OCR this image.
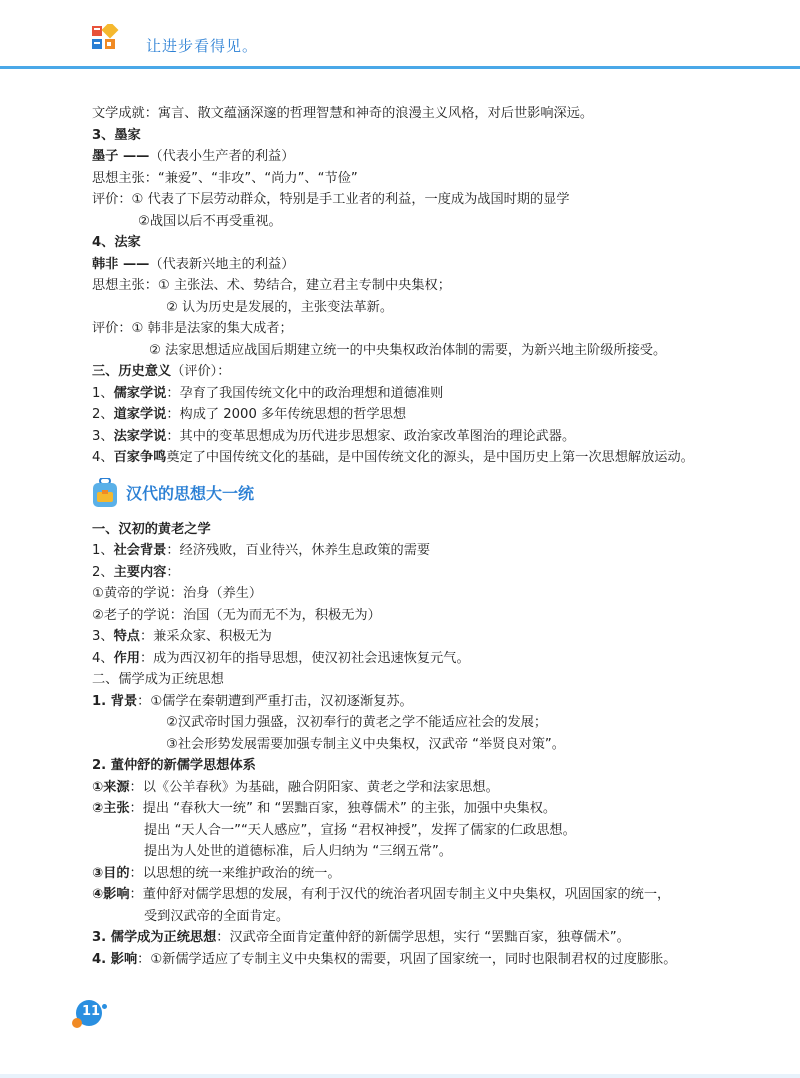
让进步看得见。
文学成就：寓言、散文蕴涵深邃的哲理智慧和神奇的浪漫主义风格，对后世影响深远。
3、墨家
墨子 ——（代表小生产者的利益）
思想主张：“兼爱”、“非攻”、“尚力”、“节俭”
评价：① 代表了下层劳动群众，特别是手工业者的利益，一度成为战国时期的显学
②战国以后不再受重视。
4、法家
韩非 ——（代表新兴地主的利益）
思想主张：① 主张法、术、势结合，建立君主专制中央集权；
② 认为历史是发展的，主张变法革新。
评价：① 韩非是法家的集大成者；
② 法家思想适应战国后期建立统一的中央集权政治体制的需要，为新兴地主阶级所接受。
三、历史意义（评价）：
1、儒家学说：孕育了我国传统文化中的政治理想和道德准则
2、道家学说：构成了 2000 多年传统思想的哲学思想
3、法家学说：其中的变革思想成为历代进步思想家、政治家改革图治的理论武器。
4、百家争鸣奠定了中国传统文化的基础，是中国传统文化的源头，是中国历史上第一次思想解放运动。
汉代的思想大一统
一、汉初的黄老之学
1、社会背景：经济残败，百业待兴，休养生息政策的需要
2、主要内容：
①黄帝的学说：治身（养生）
②老子的学说：治国（无为而无不为，积极无为）
3、特点：兼采众家、积极无为
4、作用：成为西汉初年的指导思想，使汉初社会迅速恢复元气。
二、儒学成为正统思想
1. 背景：①儒学在秦朝遭到严重打击，汉初逐渐复苏。
②汉武帝时国力强盛，汉初奉行的黄老之学不能适应社会的发展；
③社会形势发展需要加强专制主义中央集权，汉武帝 “举贤良对策”。
2. 董仲舒的新儒学思想体系
①来源：以《公羊春秋》为基础，融合阴阳家、黄老之学和法家思想。
②主张：提出 “春秋大一统” 和 “罢黜百家，独尊儒术” 的主张，加强中央集权。
提出 “天人合一”“天人感应”，宣扬 “君权神授”，发挥了儒家的仁政思想。
提出为人处世的道德标准，后人归纳为 “三纲五常”。
③目的：以思想的统一来维护政治的统一。
④影响：董仲舒对儒学思想的发展，有利于汉代的统治者巩固专制主义中央集权，巩固国家的统一，
受到汉武帝的全面肯定。
3. 儒学成为正统思想：汉武帝全面肯定董仲舒的新儒学思想，实行 “罢黜百家，独尊儒术”。
4. 影响：①新儒学适应了专制主义中央集权的需要，巩固了国家统一，同时也限制君权的过度膨胀。
11
